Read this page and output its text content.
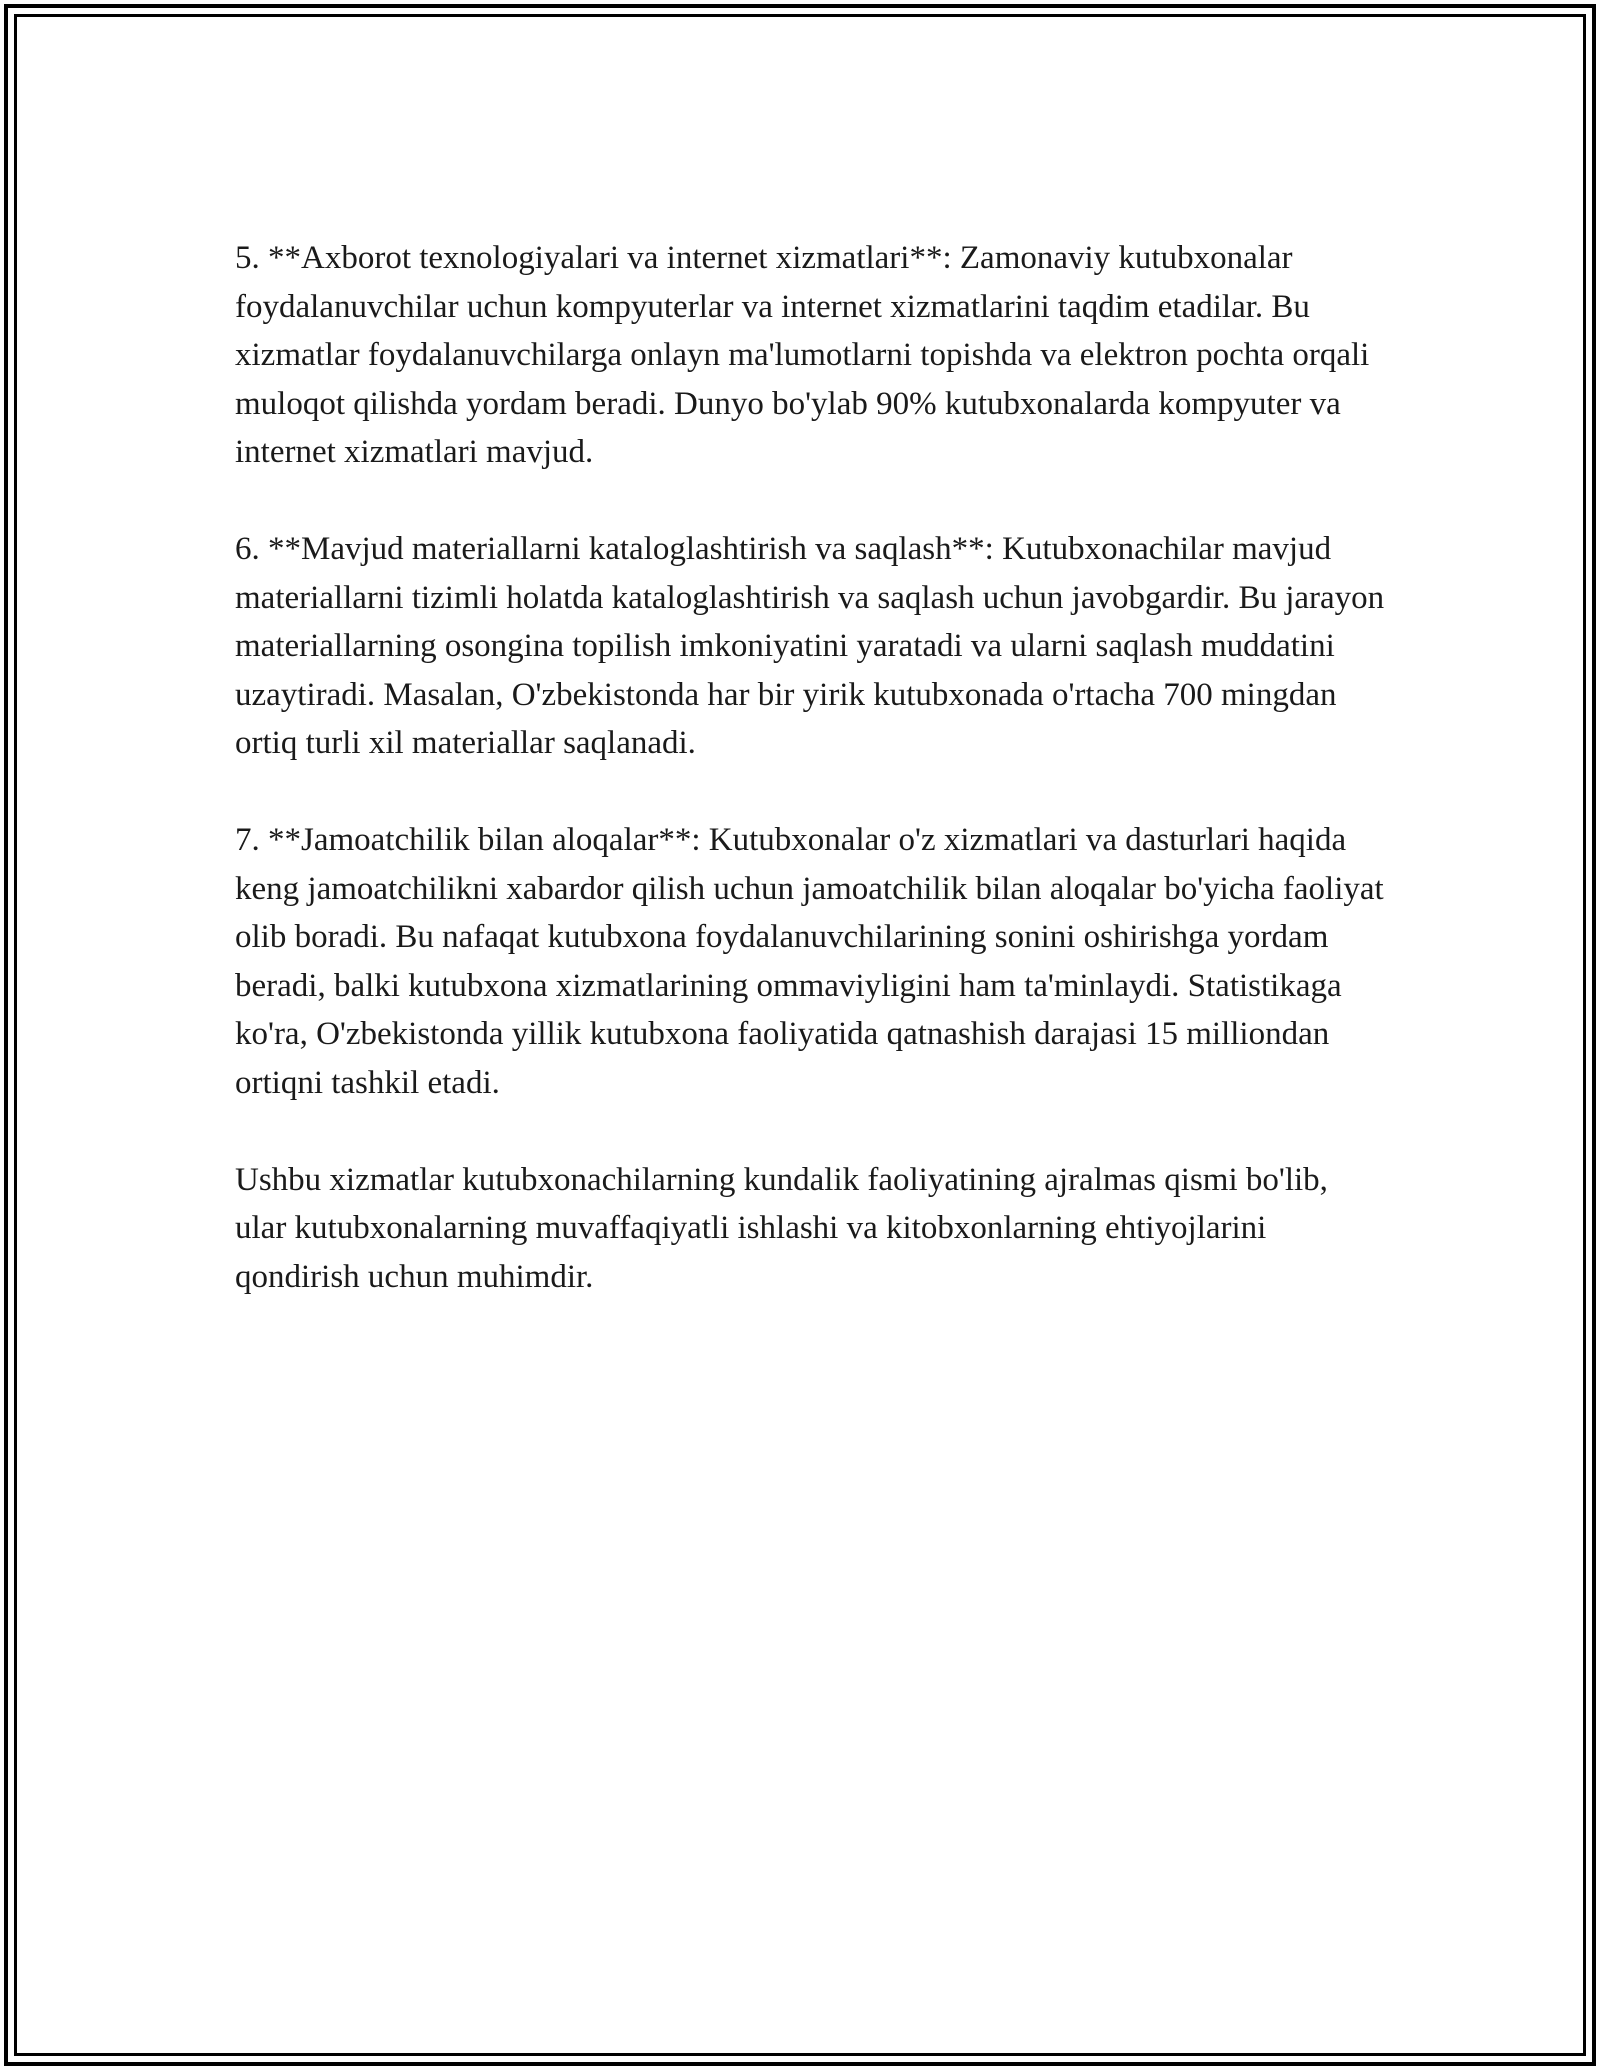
5. **Axborot texnologiyalari va internet xizmatlari**: Zamonaviy kutubxonalar foydalanuvchilar uchun kompyuterlar va internet xizmatlarini taqdim etadilar. Bu xizmatlar foydalanuvchilarga onlayn ma'lumotlarni topishda va elektron pochta orqali muloqot qilishda yordam beradi. Dunyo bo'ylab 90% kutubxonalarda kompyuter va internet xizmatlari mavjud.

6. **Mavjud materiallarni kataloglashtirish va saqlash**: Kutubxonachilar mavjud materiallarni tizimli holatda kataloglashtirish va saqlash uchun javobgardir. Bu jarayon materiallarning osongina topilish imkoniyatini yaratadi va ularni saqlash muddatini uzaytiradi. Masalan, O'zbekistonda har bir yirik kutubxonada o'rtacha 700 mingdan ortiq turli xil materiallar saqlanadi.

7. **Jamoatchilik bilan aloqalar**: Kutubxonalar o'z xizmatlari va dasturlari haqida keng jamoatchilikni xabardor qilish uchun jamoatchilik bilan aloqalar bo'yicha faoliyat olib boradi. Bu nafaqat kutubxona foydalanuvchilarining sonini oshirishga yordam beradi, balki kutubxona xizmatlarining ommaviyligini ham ta'minlaydi. Statistikaga ko'ra, O'zbekistonda yillik kutubxona faoliyatida qatnashish darajasi 15 milliondan ortiqni tashkil etadi.

Ushbu xizmatlar kutubxonachilarning kundalik faoliyatining ajralmas qismi bo'lib, ular kutubxonalarning muvaffaqiyatli ishlashi va kitobxonlarning ehtiyojlarini qondirish uchun muhimdir.
